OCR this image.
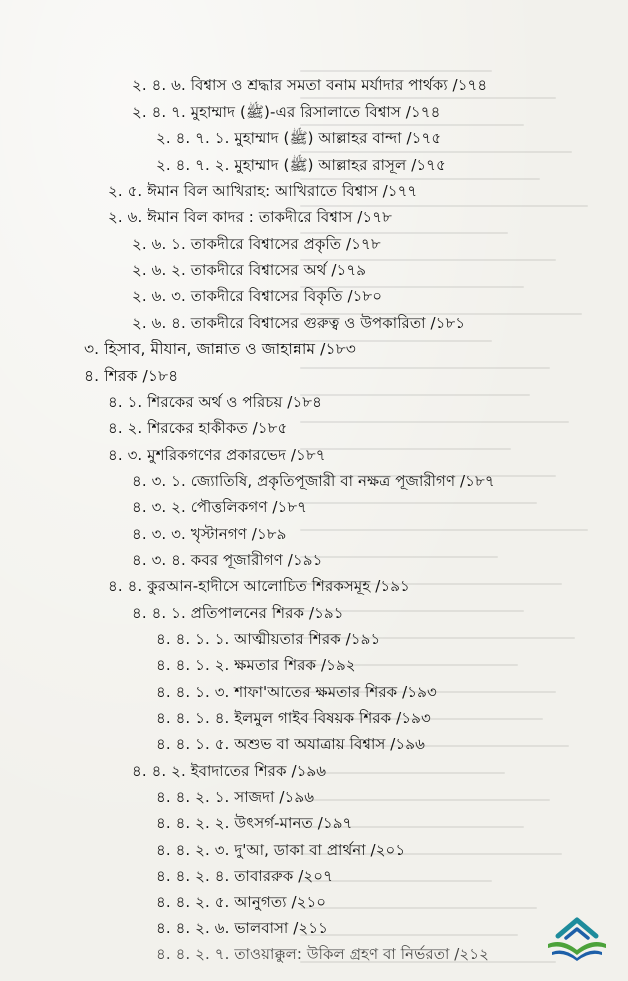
২. ৪. ৬. বিশ্বাস ও শ্রদ্ধার সমতা বনাম মর্যাদার পার্থক্য /১৭৪
২. ৪. ৭. মুহাম্মাদ (ﷺ)-এর রিসালাতে বিশ্বাস /১৭৪
২. ৪. ৭. ১. মুহাম্মাদ (ﷺ) আল্লাহর বান্দা /১৭৫
২. ৪. ৭. ২. মুহাম্মাদ (ﷺ) আল্লাহর রাসূল /১৭৫
২. ৫. ঈমান বিল আখিরাহ: আখিরাতে বিশ্বাস /১৭৭
২. ৬. ঈমান বিল কাদর : তাকদীরে বিশ্বাস /১৭৮
২. ৬. ১. তাকদীরে বিশ্বাসের প্রকৃতি /১৭৮
২. ৬. ২. তাকদীরে বিশ্বাসের অর্থ /১৭৯
২. ৬. ৩. তাকদীরে বিশ্বাসের বিকৃতি /১৮০
২. ৬. ৪. তাকদীরে বিশ্বাসের গুরুত্ব ও উপকারিতা /১৮১
৩. হিসাব, মীযান, জান্নাত ও জাহান্নাম /১৮৩
৪. শিরক /১৮৪
৪. ১. শিরকের অর্থ ও পরিচয় /১৮৪
৪. ২. শিরকের হাকীকত /১৮৫
৪. ৩. মুশরিকগণের প্রকারভেদ /১৮৭
৪. ৩. ১. জ্যোতিষি, প্রকৃতিপূজারী বা নক্ষত্র পূজারীগণ /১৮৭
৪. ৩. ২. পৌত্তলিকগণ /১৮৭
৪. ৩. ৩. খৃস্টানগণ /১৮৯
৪. ৩. ৪. কবর পূজারীগণ /১৯১
৪. ৪. কুরআন-হাদীসে আলোচিত শিরকসমূহ /১৯১
৪. ৪. ১. প্রতিপালনের শিরক /১৯১
৪. ৪. ১. ১. আত্মীয়তার শিরক /১৯১
৪. ৪. ১. ২. ক্ষমতার শিরক /১৯২
৪. ৪. ১. ৩. শাফা'আতের ক্ষমতার শিরক /১৯৩
৪. ৪. ১. ৪. ইলমুল গাইব বিষয়ক শিরক /১৯৩
৪. ৪. ১. ৫. অশুভ বা অযাত্রায় বিশ্বাস /১৯৬
৪. ৪. ২. ইবাদাতের শিরক /১৯৬
৪. ৪. ২. ১. সাজদা /১৯৬
৪. ৪. ২. ২. উৎসর্গ-মানত /১৯৭
৪. ৪. ২. ৩. দু'আ, ডাকা বা প্রার্থনা /২০১
৪. ৪. ২. ৪. তাবাররুক /২০৭
৪. ৪. ২. ৫. আনুগত্য /২১০
৪. ৪. ২. ৬. ভালবাসা /২১১
৪. ৪. ২. ৭. তাওয়াক্কুল: উকিল গ্রহণ বা নির্ভরতা /২১২
